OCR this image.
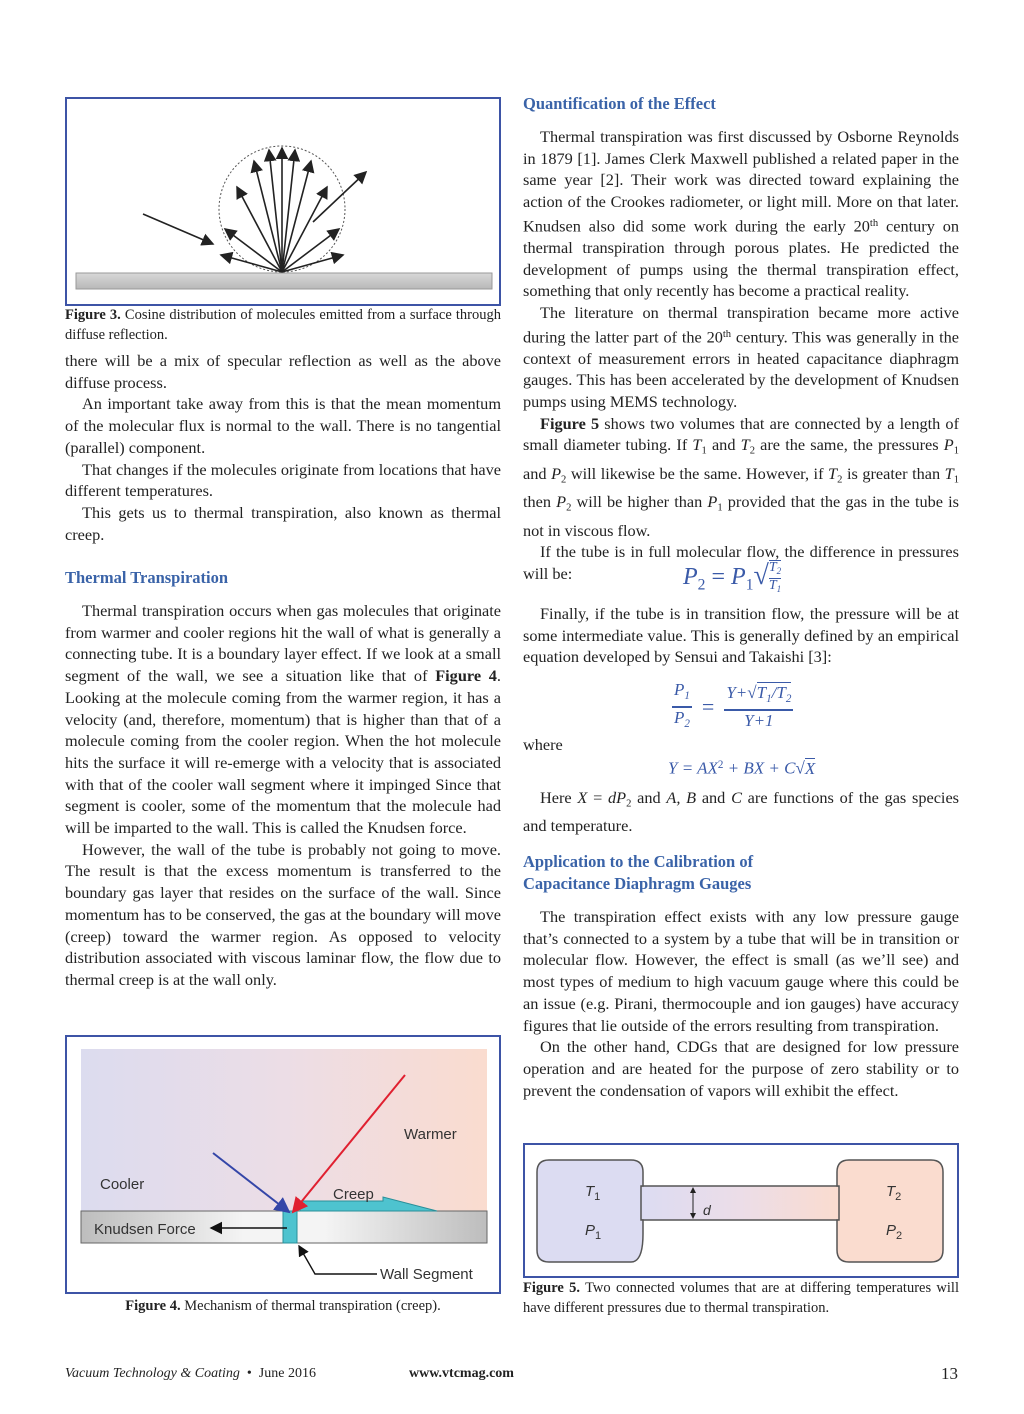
Figure 3. Cosine distribution of molecules emitted from a surface through diffuse reflection.

there will be a mix of specular reflection as well as the above diffuse process.

An important take away from this is that the mean momentum of the molecular flux is normal to the wall. There is no tangential (parallel) component.

That changes if the molecules originate from locations that have different temperatures.

This gets us to thermal transpiration, also known as thermal creep.

Thermal Transpiration

Thermal transpiration occurs when gas molecules that originate from warmer and cooler regions hit the wall of what is generally a connecting tube. It is a boundary layer effect. If we look at a small segment of the wall, we see a situation like that of Figure 4. Looking at the molecule coming from the warmer region, it has a velocity (and, therefore, momentum) that is higher than that of a molecule coming from the cooler region. When the hot molecule hits the surface it will re-emerge with a velocity that is associated with that of the cooler wall segment where it impinged Since that segment is cooler, some of the momentum that the molecule had will be imparted to the wall. This is called the Knudsen force.

However, the wall of the tube is probably not going to move. The result is that the excess momentum is transferred to the boundary gas layer that resides on the surface of the wall. Since momentum has to be conserved, the gas at the boundary will move (creep) toward the warmer region. As opposed to velocity distribution associated with viscous laminar flow, the flow due to thermal creep is at the wall only.

Cooler
Warmer
Creep
Knudsen Force
Wall Segment
Figure 4. Mechanism of thermal transpiration (creep).
Quantification of the Effect

Thermal transpiration was first discussed by Osborne Reynolds in 1879 [1]. James Clerk Maxwell published a related paper in the same year [2]. Their work was directed toward explaining the action of the Crookes radiometer, or light mill. More on that later. Knudsen also did some work during the early 20th century on thermal transpiration through porous plates. He predicted the development of pumps using the thermal transpiration effect, something that only recently has become a practical reality.

The literature on thermal transpiration became more active during the latter part of the 20th century. This was generally in the context of measurement errors in heated capacitance diaphragm gauges. This has been accelerated by the development of Knudsen pumps using MEMS technology.

Figure 5 shows two volumes that are connected by a length of small diameter tubing. If $T_1$ and $T_2$ are the same, the pressures $P_1$ and $P_2$ will likewise be the same. However, if $T_2$ is greater than $T_1$ then $P_2$ will be higher than $P_1$ provided that the gas in the tube is not in viscous flow.

If the tube is in full molecular flow, the difference in pressures will be:	$P_2 = P_1√ \frac{T_2}{T_1}$

Finally, if the tube is in transition flow, the pressure will be at some intermediate value. This is generally defined by an empirical equation developed by Sensui and Takaishi [3]:

$\frac{P_1}{P_2} = \frac{Y+√T_1/T_2}{Y+1}$
where
$Y = AX^2$ + BX + C√X

Here $X = dP_2$ and A, B and C are functions of the gas species and temperature.

Application to the Calibration of Capacitance Diaphragm Gauges

The transpiration effect exists with any low pressure gauge that’s connected to a system by a tube that will be in transition or molecular flow. However, the effect is small (as we’ll see) and most types of medium to high vacuum gauge where this could be an issue (e.g. Pirani, thermocouple and ion gauges) have accuracy figures that lie outside of the errors resulting from transpiration.

On the other hand, CDGs that are designed for low pressure operation and are heated for the purpose of zero stability or to prevent the condensation of vapors will exhibit the effect.

$T_1$
$P_1$
$T_2$
$P_2$
d
Figure 5. Two connected volumes that are at differing temperatures will have different pressures due to thermal transpiration.
Vacuum Technology & Coating • June 2016	www.vtcmag.com	13
